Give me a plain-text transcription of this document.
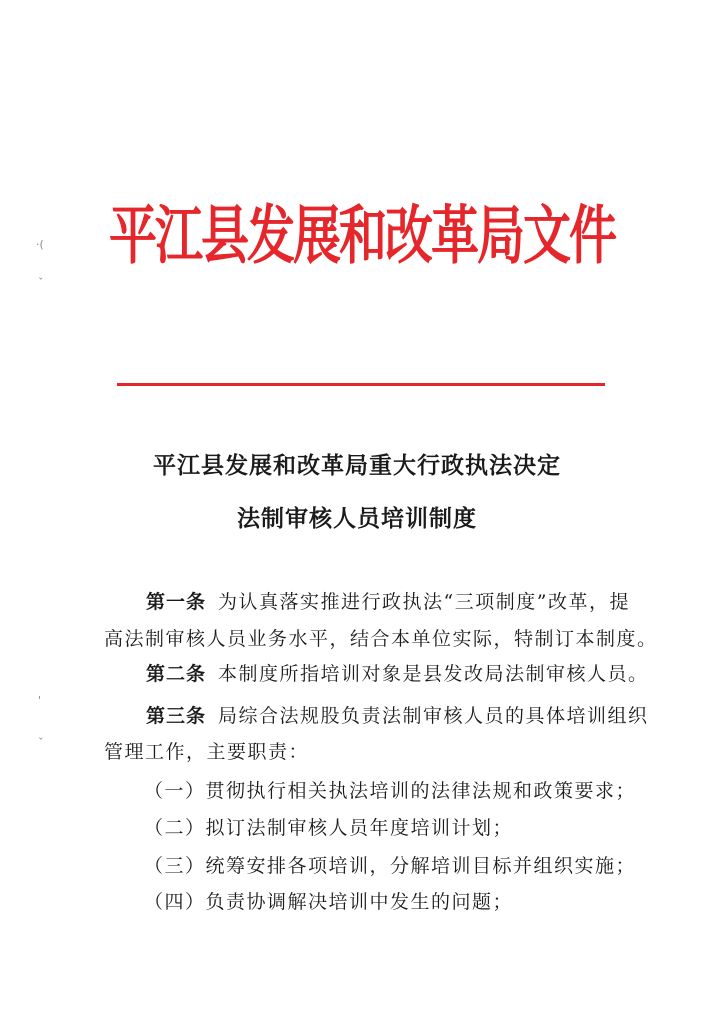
·(
ˇ
'
ˇ
平江县发展和改革局文件
平江县发展和改革局重大行政执法决定
法制审核人员培训制度
第一条 为认真落实推进行政执法“三项制度”改革，提
高法制审核人员业务水平，结合本单位实际，特制订本制度。
第二条 本制度所指培训对象是县发改局法制审核人员。
第三条 局综合法规股负责法制审核人员的具体培训组织
管理工作，主要职责：
（一）贯彻执行相关执法培训的法律法规和政策要求；
（二）拟订法制审核人员年度培训计划；
（三）统筹安排各项培训，分解培训目标并组织实施；
（四）负责协调解决培训中发生的问题；
